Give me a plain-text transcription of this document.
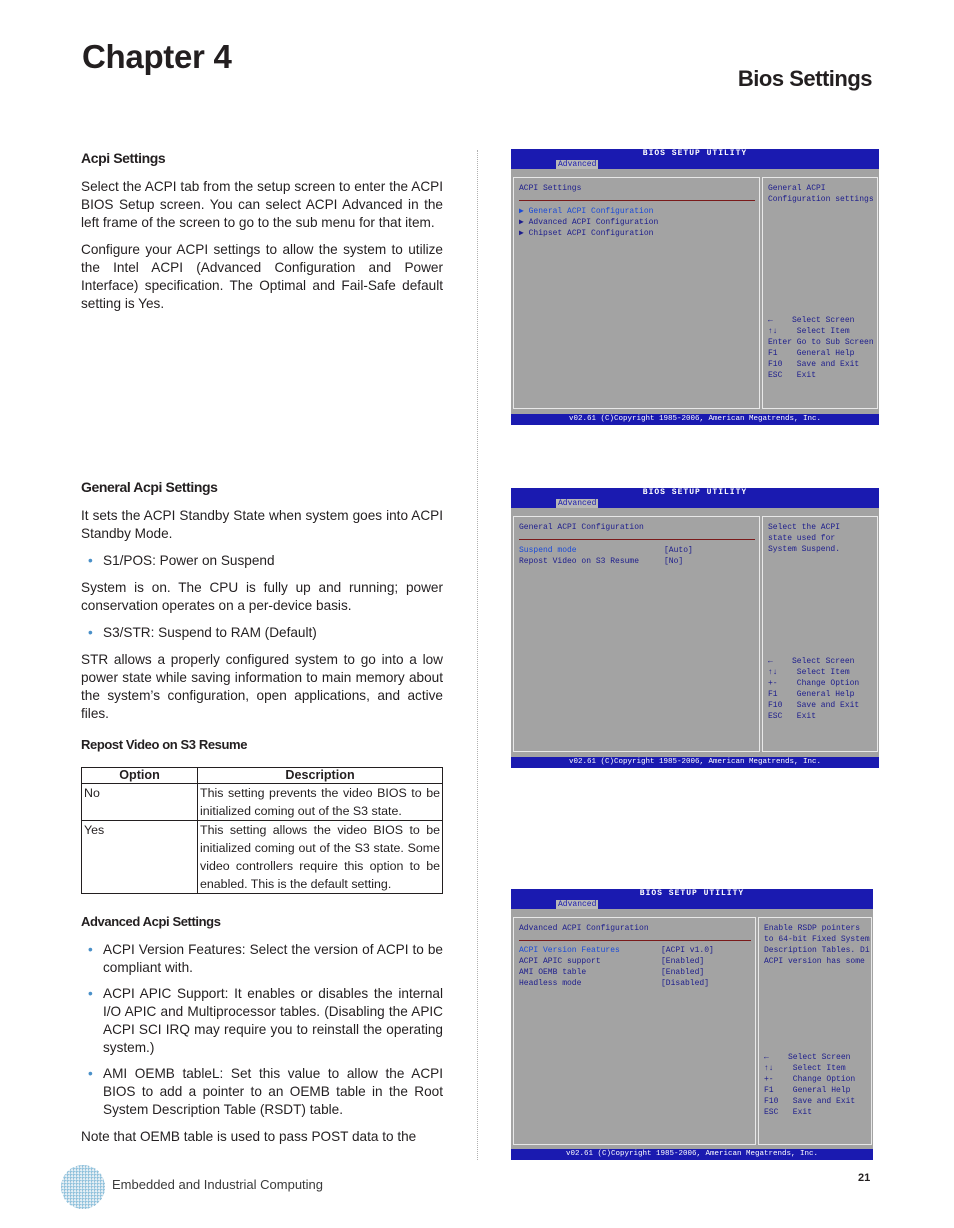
Chapter 4
Bios Settings
Acpi Settings

Select the ACPI tab from the setup screen to enter the ACPI BIOS Setup screen. You can select ACPI Advanced in the left frame of the screen to go to the sub menu for that item.

Configure your ACPI settings to allow the system to utilize the Intel ACPI (Advanced Configuration and Power Interface) specification. The Optimal and Fail-Safe default setting is Yes.

General Acpi Settings

It sets the ACPI Standby State when system goes into ACPI Standby Mode.

• S1/POS: Power on Suspend

System is on. The CPU is fully up and running; power conservation operates on a per-device basis.

• S3/STR: Suspend to RAM (Default)

STR allows a properly configured system to go into a low power state while saving information to main memory about the system’s configuration, open applications, and active files.

Repost Video on S3 Resume
Option	Description
No	This setting prevents the video BIOS to be initialized coming out of the S3 state.
Yes	This setting allows the video BIOS to be initialized coming out of the S3 state. Some video controllers require this option to be enabled. This is the default setting.
Advanced Acpi Settings
• ACPI Version Features: Select the version of ACPI to be compliant with.
• ACPI APIC Support: It enables or disables the internal I/O APIC and Multiprocessor tables. (Disabling the APIC ACPI SCI IRQ may require you to reinstall the operating system.)
• AMI OEMB tableL: Set this value to allow the ACPI BIOS to add a pointer to an OEMB table in the Root System Description Table (RSDT) table.

Note that OEMB table is used to pass POST data to the

BIOS SETUP UTILITY
Advanced
ACPI Settings
▶ General ACPI Configuration
▶ Advanced ACPI Configuration
▶ Chipset ACPI Configuration
General ACPI
Configuration settings
←    Select Screen
↑↓    Select Item
Enter Go to Sub Screen
F1    General Help
F10   Save and Exit
ESC   Exit
v02.61 (C)Copyright 1985-2006, American Megatrends, Inc.
BIOS SETUP UTILITY
Advanced
General ACPI Configuration
Suspend mode	[Auto]
Repost Video on S3 Resume	[No]
Select the ACPI
state used for
System Suspend.
←    Select Screen
↑↓    Select Item
+-    Change Option
F1    General Help
F10   Save and Exit
ESC   Exit
v02.61 (C)Copyright 1985-2006, American Megatrends, Inc.
BIOS SETUP UTILITY
Advanced
Advanced ACPI Configuration
ACPI Version Features	[ACPI v1.0]
ACPI APIC support	[Enabled]
AMI OEMB table	[Enabled]
Headless mode	[Disabled]
Enable RSDP pointers
to 64-bit Fixed System
Description Tables. Di
ACPI version has some
←    Select Screen
↑↓    Select Item
+-    Change Option
F1    General Help
F10   Save and Exit
ESC   Exit
v02.61 (C)Copyright 1985-2006, American Megatrends, Inc.
Embedded and Industrial Computing	21
